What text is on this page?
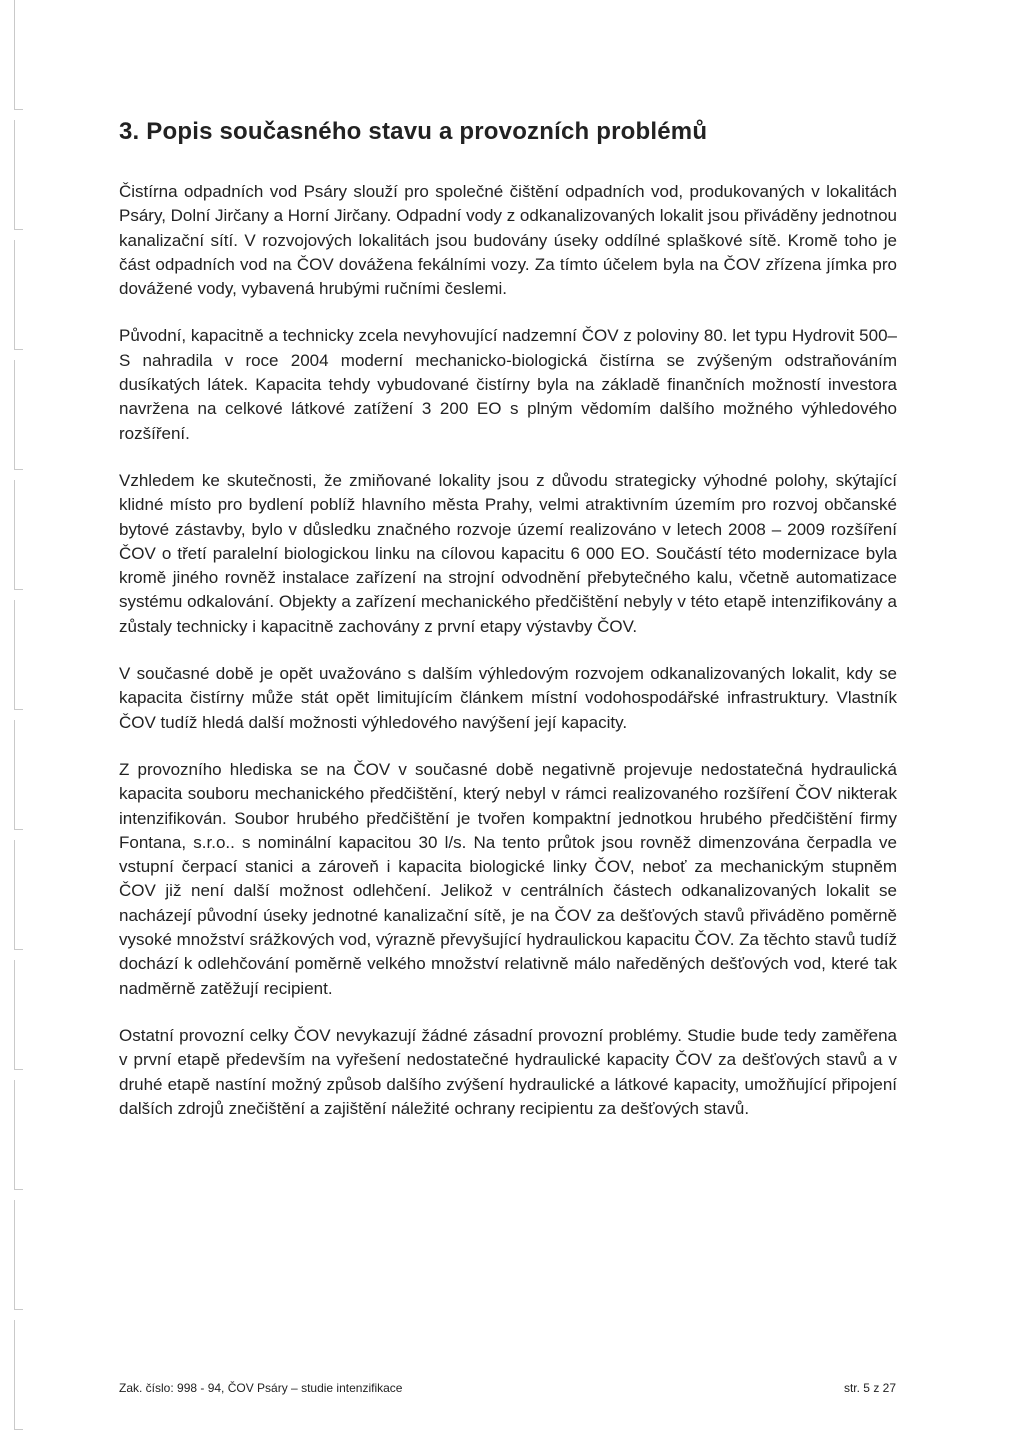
3. Popis současného stavu a provozních problémů

Čistírna odpadních vod Psáry slouží pro společné čištění odpadních vod, produkovaných v lokalitách Psáry, Dolní Jirčany a Horní Jirčany. Odpadní vody z odkanalizovaných lokalit jsou přiváděny jednotnou kanalizační sítí. V rozvojových lokalitách jsou budovány úseky oddílné splaškové sítě. Kromě toho je část odpadních vod na ČOV dovážena fekálními vozy. Za tímto účelem byla na ČOV zřízena jímka pro dovážené vody, vybavená hrubými ručními česlemi.

Původní, kapacitně a technicky zcela nevyhovující nadzemní ČOV z poloviny 80. let typu Hydrovit 500–S nahradila v roce 2004 moderní mechanicko-biologická čistírna se zvýšeným odstraňováním dusíkatých látek. Kapacita tehdy vybudované čistírny byla na základě finančních možností investora navržena na celkové látkové zatížení 3 200 EO s plným vědomím dalšího možného výhledového rozšíření.

Vzhledem ke skutečnosti, že zmiňované lokality jsou z důvodu strategicky výhodné polohy, skýtající klidné místo pro bydlení poblíž hlavního města Prahy, velmi atraktivním územím pro rozvoj občanské bytové zástavby, bylo v důsledku značného rozvoje území realizováno v letech 2008 – 2009 rozšíření ČOV o třetí paralelní biologickou linku na cílovou kapacitu 6 000 EO. Součástí této modernizace byla kromě jiného rovněž instalace zařízení na strojní odvodnění přebytečného kalu, včetně automatizace systému odkalování. Objekty a zařízení mechanického předčištění nebyly v této etapě intenzifikovány a zůstaly technicky i kapacitně zachovány z první etapy výstavby ČOV.

V současné době je opět uvažováno s dalším výhledovým rozvojem odkanalizovaných lokalit, kdy se kapacita čistírny může stát opět limitujícím článkem místní vodohospodářské infrastruktury. Vlastník ČOV tudíž hledá další možnosti výhledového navýšení její kapacity.

Z provozního hlediska se na ČOV v současné době negativně projevuje nedostatečná hydraulická kapacita souboru mechanického předčištění, který nebyl v rámci realizovaného rozšíření ČOV nikterak intenzifikován. Soubor hrubého předčištění je tvořen kompaktní jednotkou hrubého předčištění firmy Fontana, s.r.o.. s nominální kapacitou 30 l/s. Na tento průtok jsou rovněž dimenzována čerpadla ve vstupní čerpací stanici a zároveň i kapacita biologické linky ČOV, neboť za mechanickým stupněm ČOV již není další možnost odlehčení. Jelikož v centrálních částech odkanalizovaných lokalit se nacházejí původní úseky jednotné kanalizační sítě, je na ČOV za dešťových stavů přiváděno poměrně vysoké množství srážkových vod, výrazně převyšující hydraulickou kapacitu ČOV. Za těchto stavů tudíž dochází k odlehčování poměrně velkého množství relativně málo naředěných dešťových vod, které tak nadměrně zatěžují recipient.

Ostatní provozní celky ČOV nevykazují žádné zásadní provozní problémy. Studie bude tedy zaměřena v první etapě především na vyřešení nedostatečné hydraulické kapacity ČOV za dešťových stavů a v druhé etapě nastíní možný způsob dalšího zvýšení hydraulické a látkové kapacity, umožňující připojení dalších zdrojů znečištění a zajištění náležité ochrany recipientu za dešťových stavů.

Zak. číslo: 998 - 94, ČOV Psáry – studie intenzifikace	str. 5 z 27
